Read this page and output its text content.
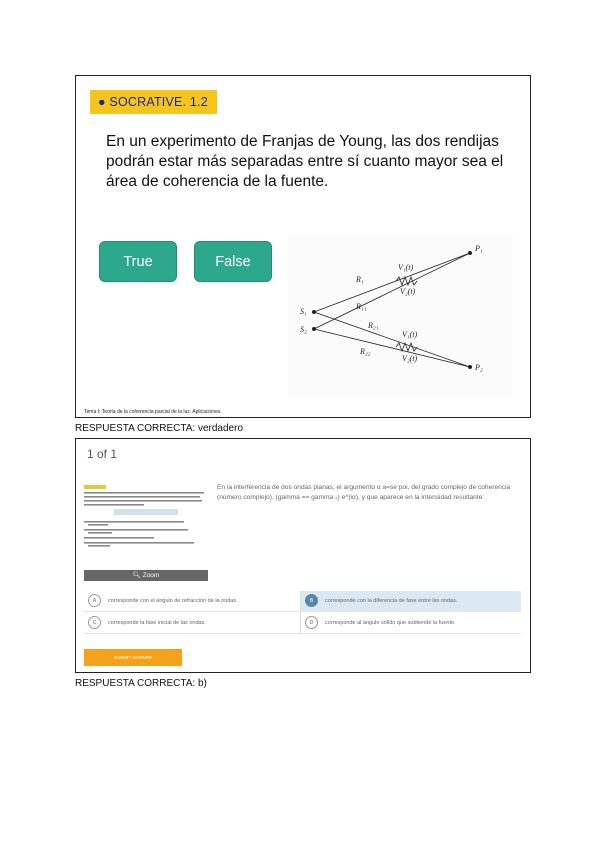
● SOCRATIVE. 1.2
En un experimento de Franjas de Young, las dos rendijas podrán estar más separadas entre sí cuanto mayor sea el área de coherencia de la fuente.
True	False
P₁
P₂
S₁
S₂
R₁
R₁₁
R₂₁
R₂₂
V₁(t)
V₂(t)
V₁(t)
V₂(t)
Tema I: Teoría de la coherencia parcial de la luz. Aplicaciones.
RESPUESTA CORRECTA: verdadero
1 of 1
🔍︎ Zoom
En la interferencia de dos ondas planas, el argumento α a=se poi, del grado complejo de coherencia (número complejo), (gamma == gamma ₂) e^(iα), y que aparece en la intensidad resultante:
A	corresponde con el ángulo de refracción de la ondas.	B	corresponde con la diferencia de fase entre las ondas.
C	corresponde la fase inicial de las ondas.	D	corresponde al ángulo sólido que subtiende la fuente.
SUBMIT ANSWER
RESPUESTA CORRECTA: b)
